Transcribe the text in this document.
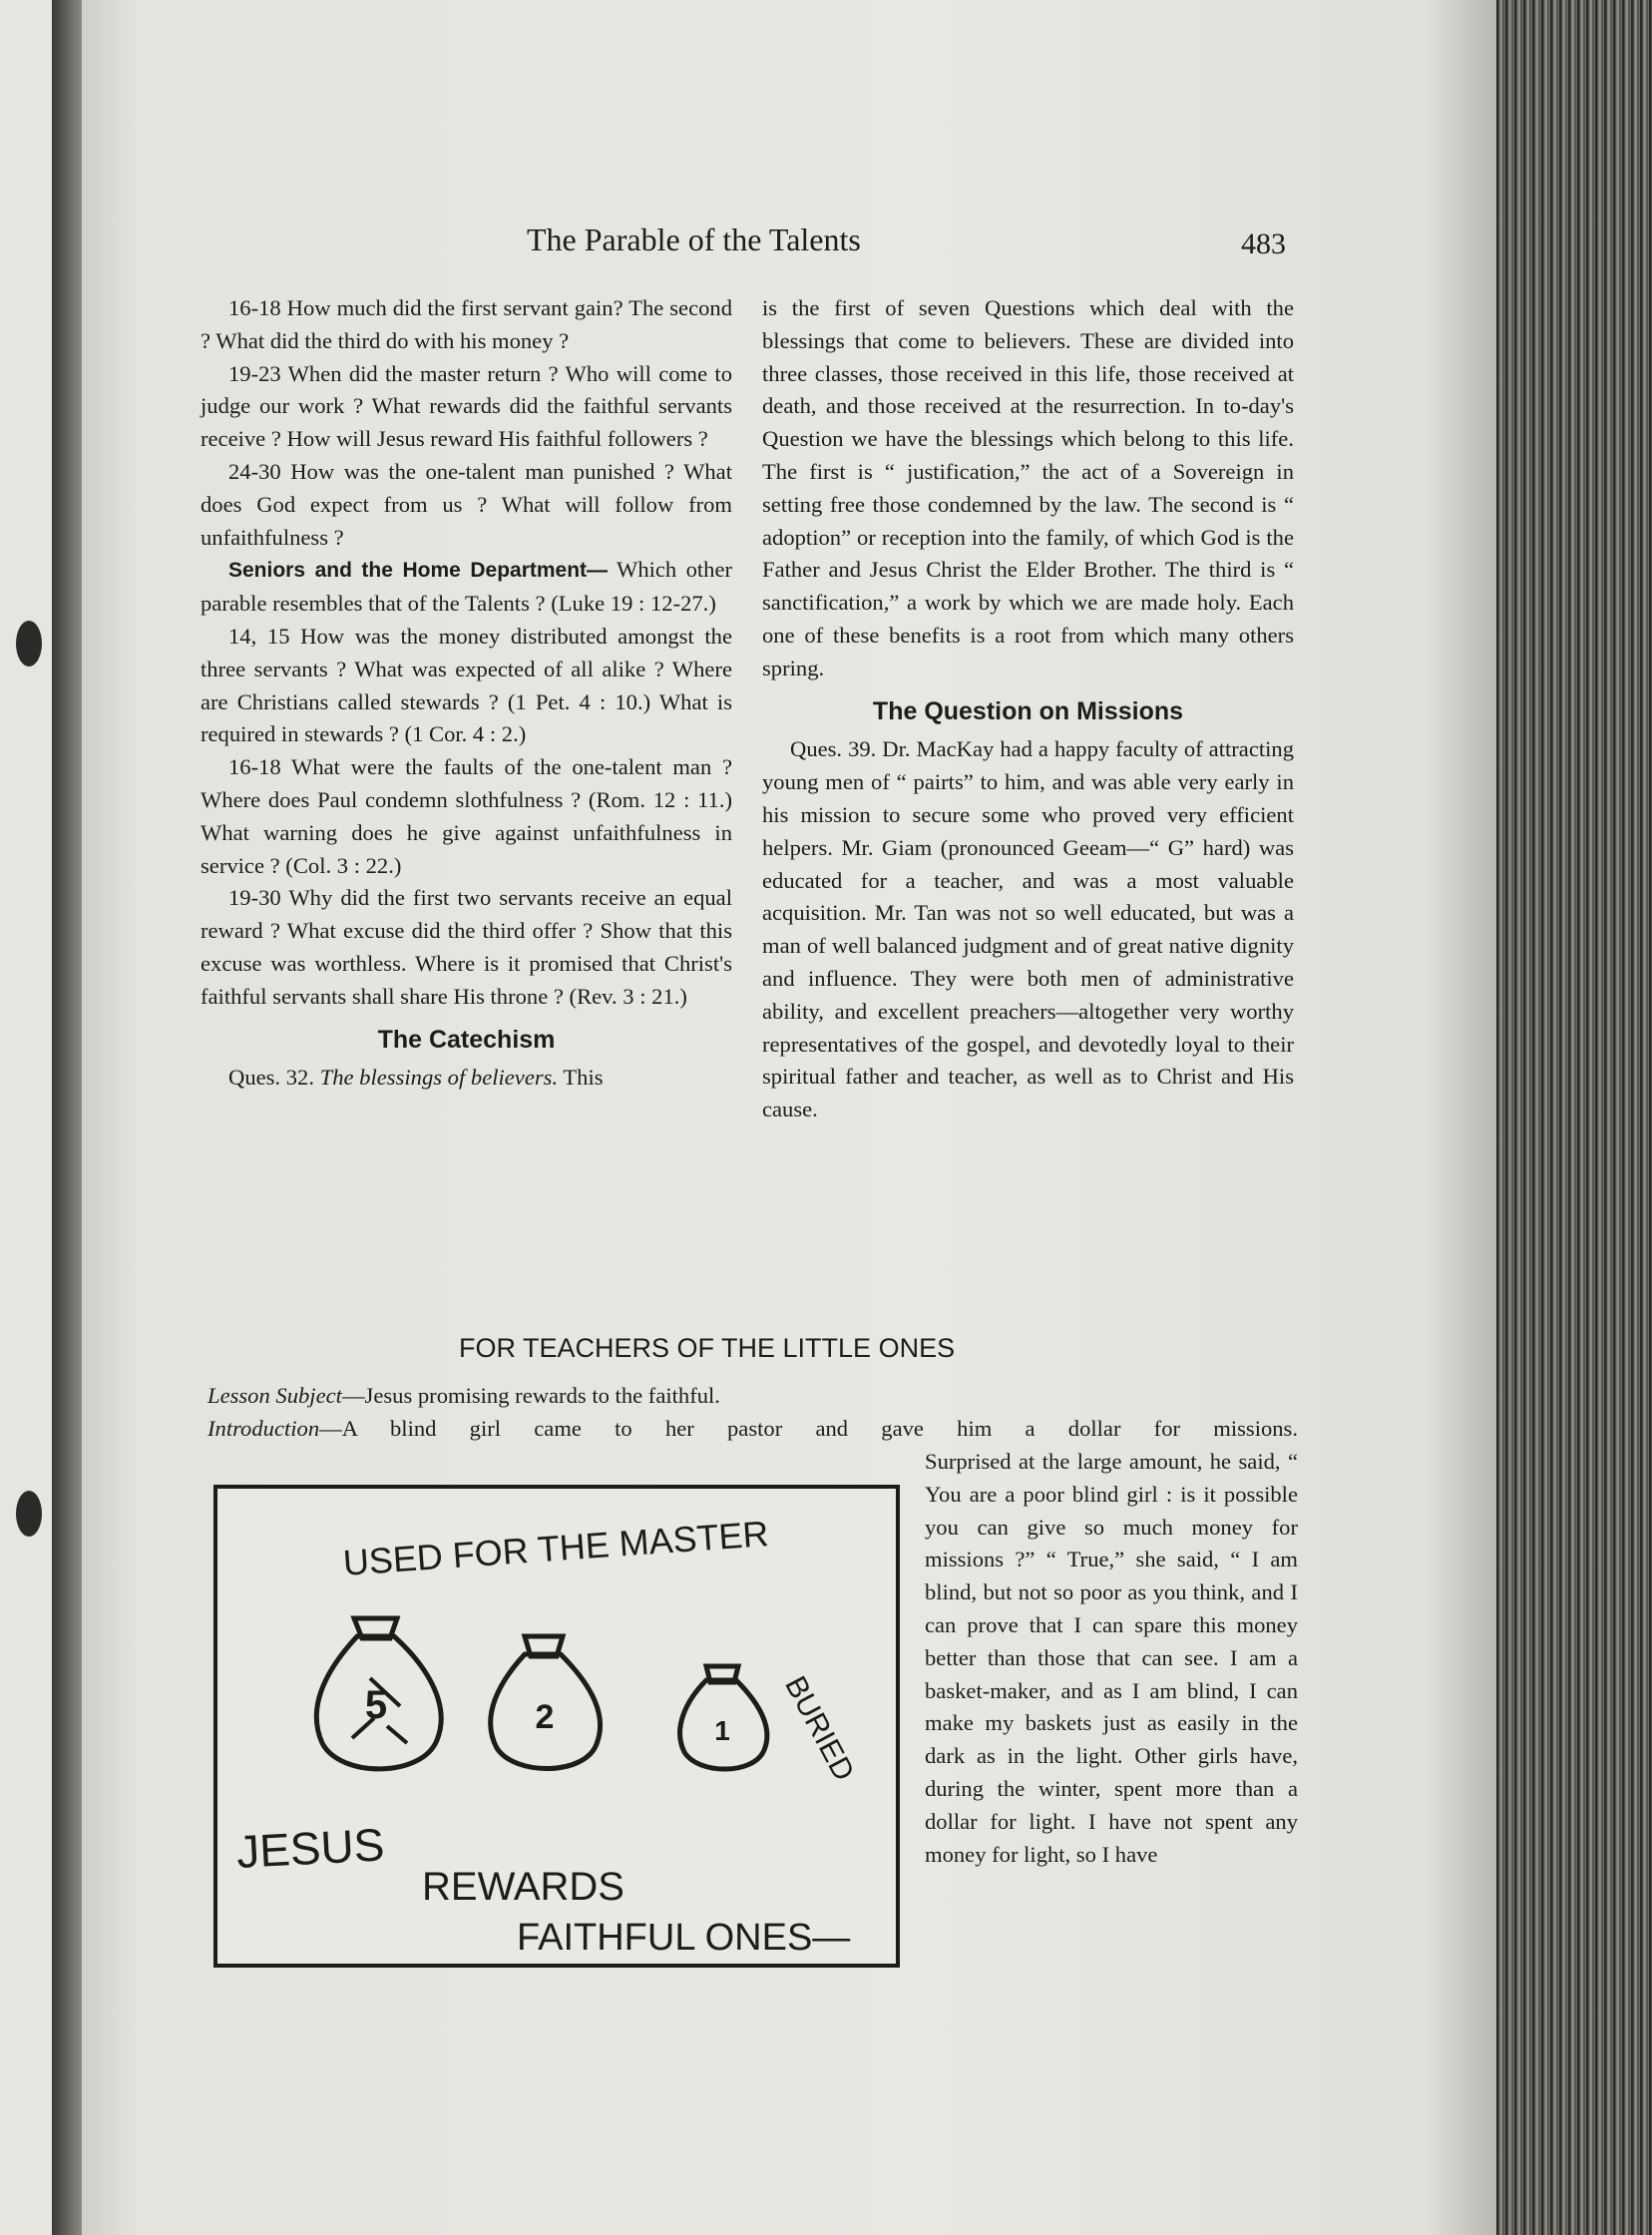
The Parable of the Talents	483

16-18 How much did the first servant gain? The second ? What did the third do with his money ?

19-23 When did the master return ? Who will come to judge our work ? What rewards did the faithful servants receive ? How will Jesus reward His faithful followers ?

24-30 How was the one-talent man punished ? What does God expect from us ? What will follow from unfaithfulness ?

Seniors and the Home Department— Which other parable resembles that of the Talents ? (Luke 19 : 12-27.)

14, 15 How was the money distributed amongst the three servants ? What was expected of all alike ? Where are Christians called stewards ? (1 Pet. 4 : 10.) What is required in stewards ? (1 Cor. 4 : 2.)

16-18 What were the faults of the one-talent man ? Where does Paul condemn slothfulness ? (Rom. 12 : 11.) What warning does he give against unfaithfulness in service ? (Col. 3 : 22.)

19-30 Why did the first two servants receive an equal reward ? What excuse did the third offer ? Show that this excuse was worthless. Where is it promised that Christ's faithful servants shall share His throne ? (Rev. 3 : 21.)

The Catechism

Ques. 32. The blessings of believers. This

is the first of seven Questions which deal with the blessings that come to believers. These are divided into three classes, those received in this life, those received at death, and those received at the resurrection. In to-day's Question we have the blessings which belong to this life. The first is “ justification,” the act of a Sovereign in setting free those condemned by the law. The second is “ adoption” or reception into the family, of which God is the Father and Jesus Christ the Elder Brother. The third is “ sanctification,” a work by which we are made holy. Each one of these benefits is a root from which many others spring.

The Question on Missions

Ques. 39. Dr. MacKay had a happy faculty of attracting young men of “ pairts” to him, and was able very early in his mission to secure some who proved very efficient helpers. Mr. Giam (pronounced Geeam—“ G” hard) was educated for a teacher, and was a most valuable acquisition. Mr. Tan was not so well educated, but was a man of well balanced judgment and of great native dignity and influence. They were both men of administrative ability, and excellent preachers—altogether very worthy representatives of the gospel, and devotedly loyal to their spiritual father and teacher, as well as to Christ and His cause.

FOR TEACHERS OF THE LITTLE ONES
Lesson Subject—Jesus promising rewards to the faithful.
Introduction—A blind girl came to her pastor and gave him a dollar for missions.
Surprised at the large amount, he said, “ You are a poor blind girl : is it possible you can give so much money for missions ?” “ True,” she said, “ I am blind, but not so poor as you think, and I can prove that I can spare this money better than those that can see. I am a basket-maker, and as I am blind, I can make my baskets just as easily in the dark as in the light. Other girls have, during the winter, spent more than a dollar for light. I have not spent any money for light, so I have
USED FOR THE MASTER
5	2	1 BURIED
JESUS
REWARDS
FAITHFUL ONES—
